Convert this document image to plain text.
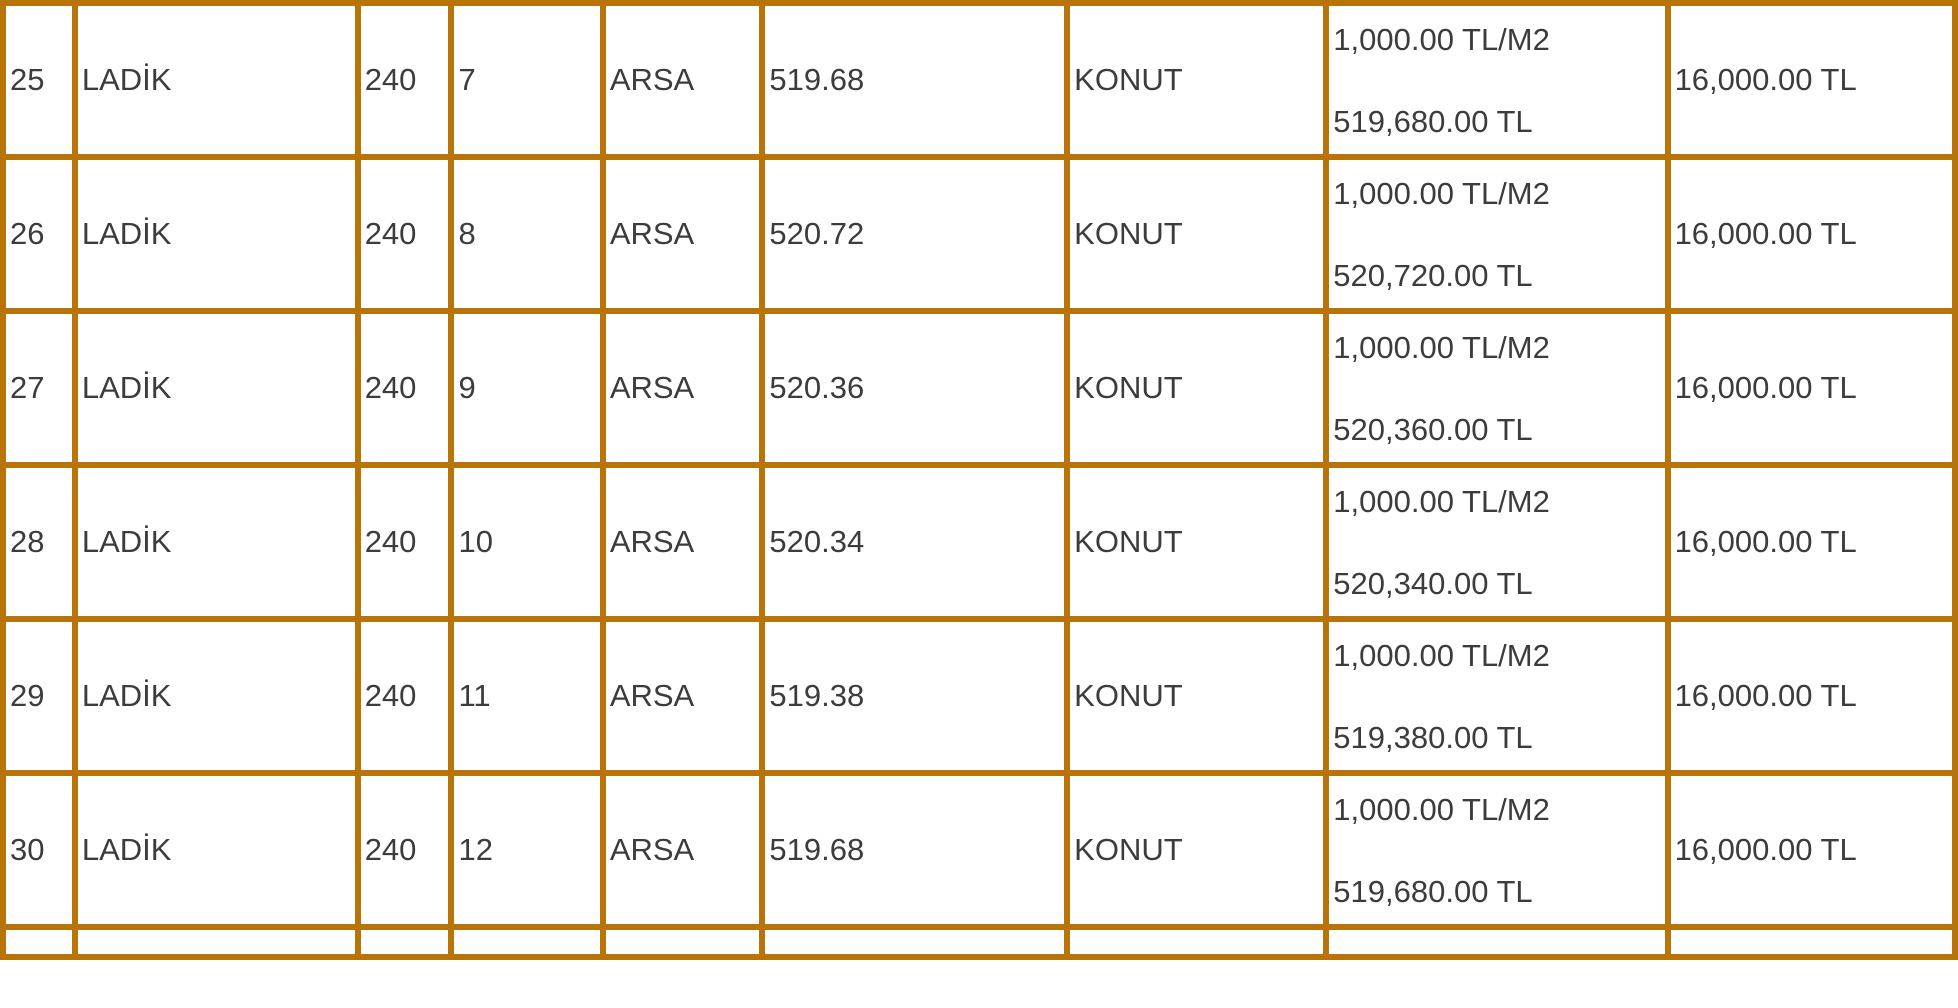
25	LADİK	240	7	ARSA	519.68	KONUT	1,000.00 TL/M2
519,680.00 TL	16,000.00 TL
26	LADİK	240	8	ARSA	520.72	KONUT	1,000.00 TL/M2
520,720.00 TL	16,000.00 TL
27	LADİK	240	9	ARSA	520.36	KONUT	1,000.00 TL/M2
520,360.00 TL	16,000.00 TL
28	LADİK	240	10	ARSA	520.34	KONUT	1,000.00 TL/M2
520,340.00 TL	16,000.00 TL
29	LADİK	240	11	ARSA	519.38	KONUT	1,000.00 TL/M2
519,380.00 TL	16,000.00 TL
30	LADİK	240	12	ARSA	519.68	KONUT	1,000.00 TL/M2
519,680.00 TL	16,000.00 TL
